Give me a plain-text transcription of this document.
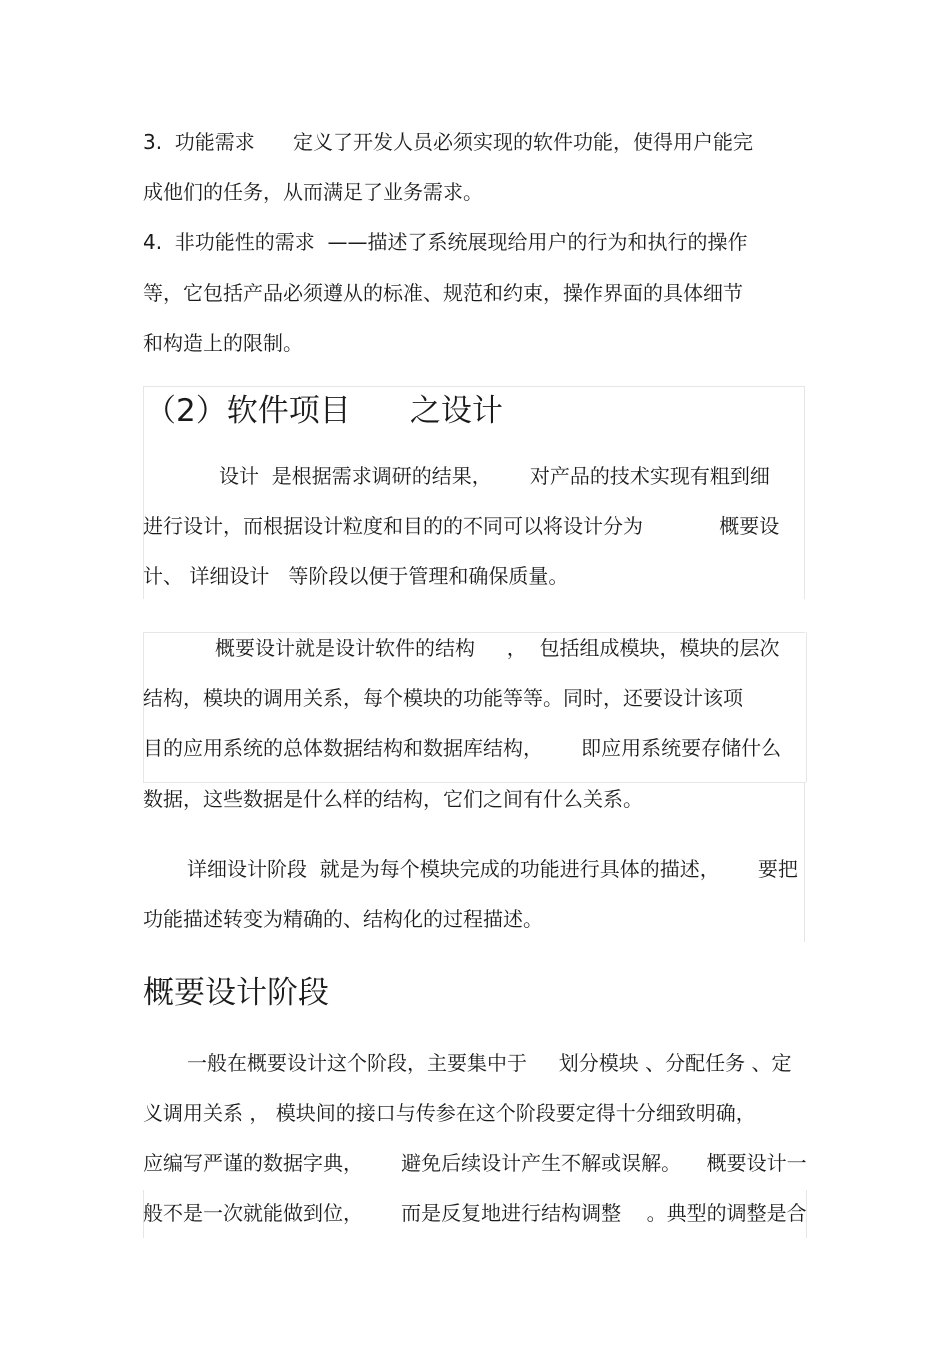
3.  功能需求      定义了开发人员必须实现的软件功能，使得用户能完
成他们的任务，从而满足了业务需求。
4.  非功能性的需求  ——描述了系统展现给用户的行为和执行的操作
等，它包括产品必须遵从的标准、规范和约束，操作界面的具体细节
和构造上的限制。
（2）软件项目      之设计
设计  是根据需求调研的结果，      对产品的技术实现有粗到细
进行设计，而根据设计粒度和目的的不同可以将设计分为            概要设
计、 详细设计   等阶段以便于管理和确保质量。
概要设计就是设计软件的结构     ，  包括组成模块，模块的层次
结构，模块的调用关系，每个模块的功能等等。同时，还要设计该项
目的应用系统的总体数据结构和数据库结构，      即应用系统要存储什么
数据，这些数据是什么样的结构，它们之间有什么关系。
详细设计阶段  就是为每个模块完成的功能进行具体的描述，      要把
功能描述转变为精确的、结构化的过程描述。
概要设计阶段
一般在概要设计这个阶段，主要集中于     划分模块 、分配任务 、定
义调用关系 ， 模块间的接口与传参在这个阶段要定得十分细致明确，
应编写严谨的数据字典，      避免后续设计产生不解或误解。    概要设计一
般不是一次就能做到位，      而是反复地进行结构调整    。典型的调整是合
